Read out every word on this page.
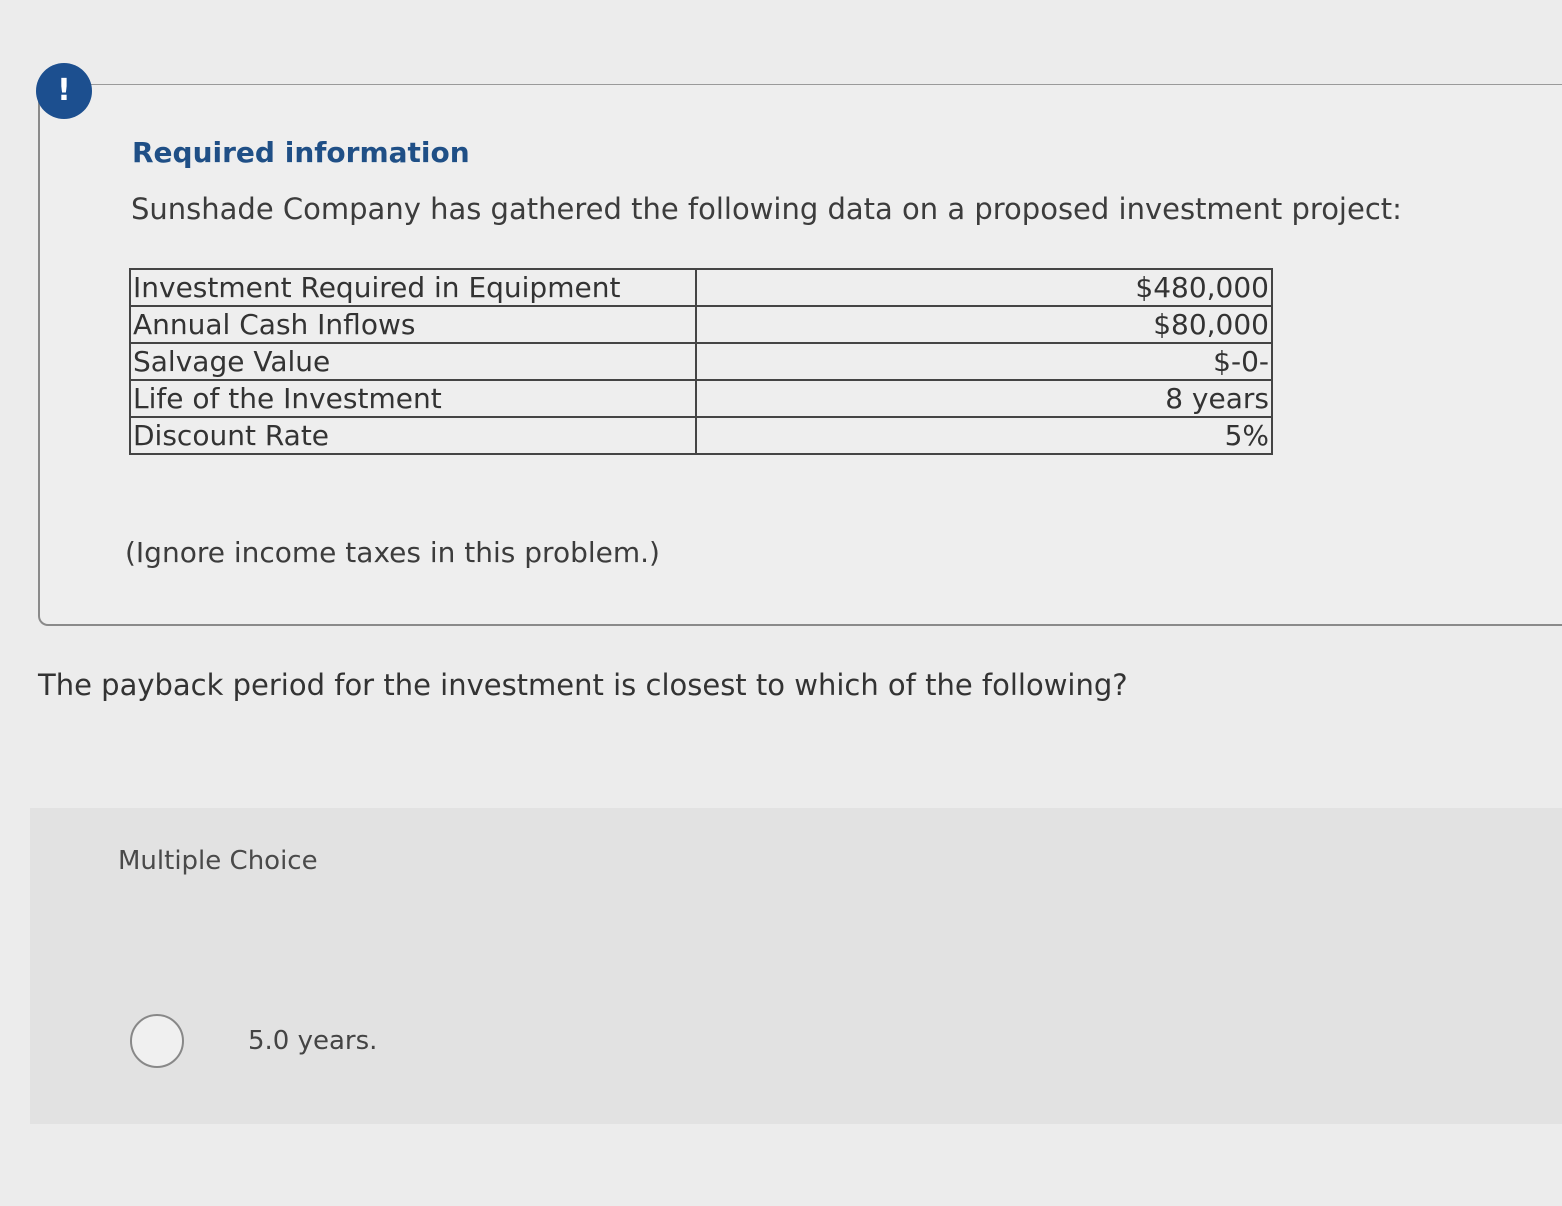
!
Required information

Sunshade Company has gathered the following data on a proposed investment project:

Investment Required in Equipment	$480,000
Annual Cash Inflows	$80,000
Salvage Value	$-0-
Life of the Investment	8 years
Discount Rate	5%

(Ignore income taxes in this problem.)

The payback period for the investment is closest to which of the following?

Multiple Choice

5.0 years.
